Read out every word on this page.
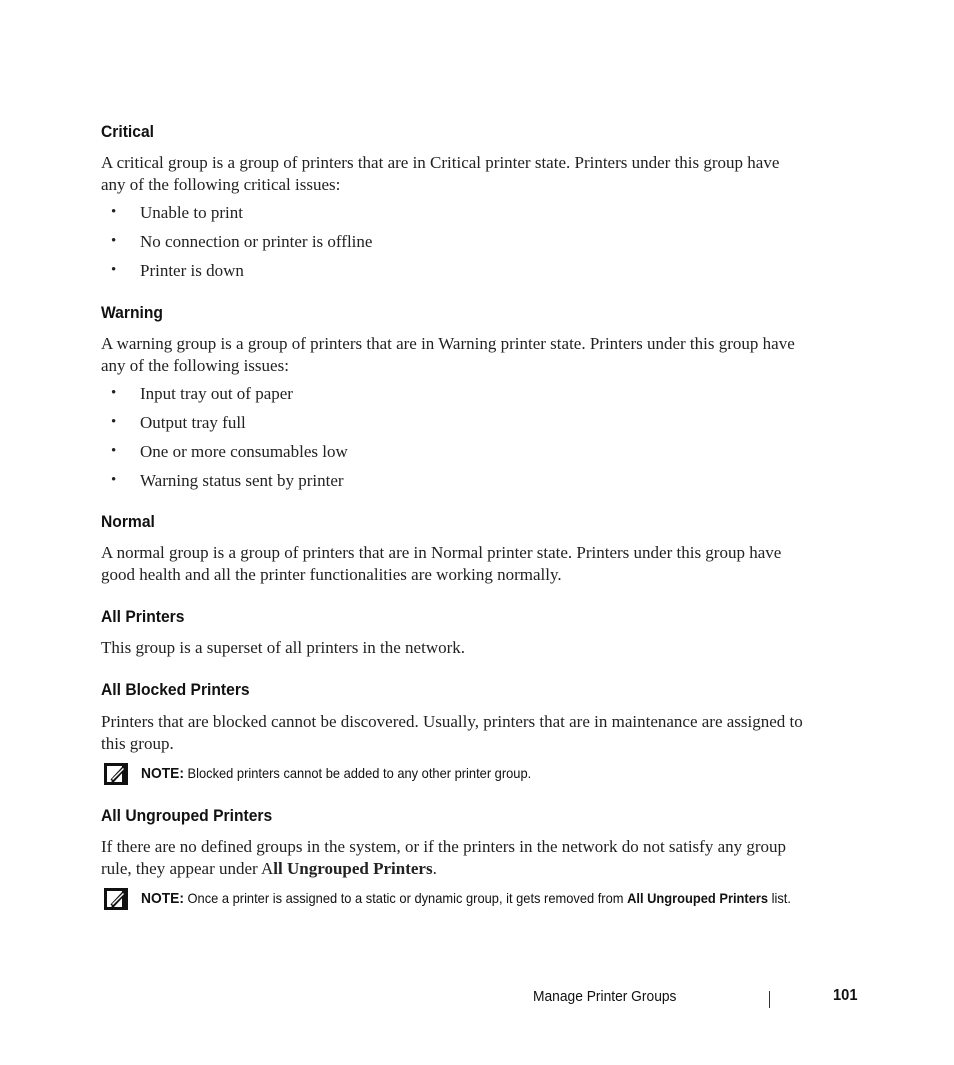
Critical

A critical group is a group of printers that are in Critical printer state. Printers under this group have
any of the following critical issues:

• Unable to print
• No connection or printer is offline
• Printer is down
Warning

A warning group is a group of printers that are in Warning printer state. Printers under this group have
any of the following issues:

• Input tray out of paper
• Output tray full
• One or more consumables low
• Warning status sent by printer
Normal

A normal group is a group of printers that are in Normal printer state. Printers under this group have
good health and all the printer functionalities are working normally.

All Printers

This group is a superset of all printers in the network.

All Blocked Printers

Printers that are blocked cannot be discovered. Usually, printers that are in maintenance are assigned to
this group.

NOTE: Blocked printers cannot be added to any other printer group.
All Ungrouped Printers

If there are no defined groups in the system, or if the printers in the network do not satisfy any group
rule, they appear under All Ungrouped Printers.

NOTE: Once a printer is assigned to a static or dynamic group, it gets removed from All Ungrouped Printers list.
Manage Printer Groups	101
